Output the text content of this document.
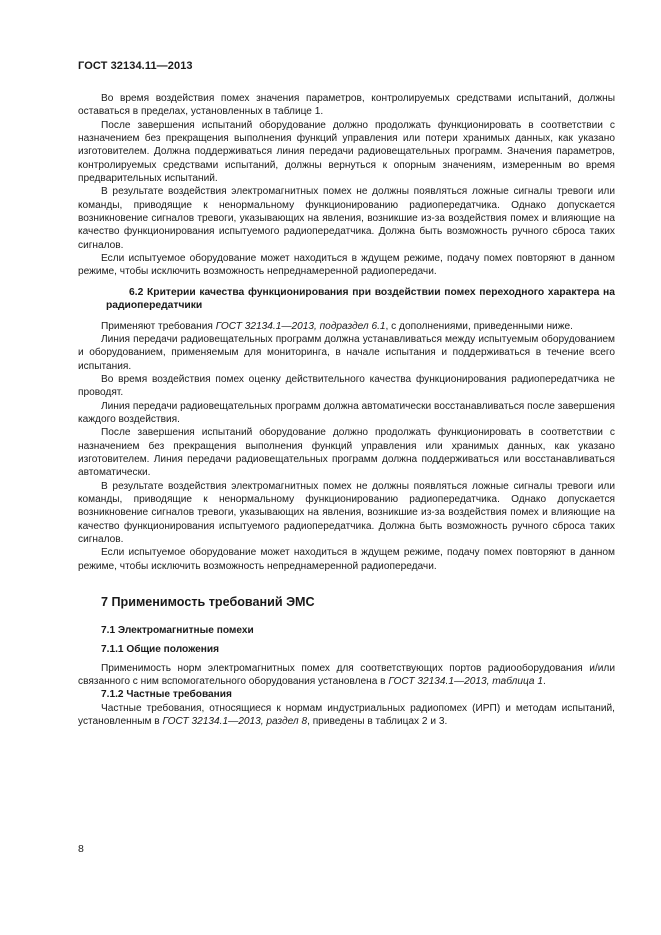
ГОСТ 32134.11—2013

Во время воздействия помех значения параметров, контролируемых средствами испытаний, должны оставаться в пределах, установленных в таблице 1.

После завершения испытаний оборудование должно продолжать функционировать в соответствии с назначением без прекращения выполнения функций управления или потери хранимых данных, как указано изготовителем. Должна поддерживаться линия передачи радиовещательных программ. Значения параметров, контролируемых средствами испытаний, должны вернуться к опорным значениям, измеренным во время предварительных испытаний.

В результате воздействия электромагнитных помех не должны появляться ложные сигналы тревоги или команды, приводящие к ненормальному функционированию радиопередатчика. Однако допускается возникновение сигналов тревоги, указывающих на явления, возникшие из-за воздействия помех и влияющие на качество функционирования испытуемого радиопередатчика. Должна быть возможность ручного сброса таких сигналов.

Если испытуемое оборудование может находиться в ждущем режиме, подачу помех повторяют в данном режиме, чтобы исключить возможность непреднамеренной радиопередачи.

6.2 Критерии качества функционирования при воздействии помех переходного характера на радиопередатчики

Применяют требования ГОСТ 32134.1—2013, подраздел 6.1, с дополнениями, приведенными ниже.

Линия передачи радиовещательных программ должна устанавливаться между испытуемым оборудованием и оборудованием, применяемым для мониторинга, в начале испытания и поддерживаться в течение всего испытания.

Во время воздействия помех оценку действительного качества функционирования радиопередатчика не проводят.

Линия передачи радиовещательных программ должна автоматически восстанавливаться после завершения каждого воздействия.

После завершения испытаний оборудование должно продолжать функционировать в соответствии с назначением без прекращения выполнения функций управления или хранимых данных, как указано изготовителем. Линия передачи радиовещательных программ должна поддерживаться или восстанавливаться автоматически.

В результате воздействия электромагнитных помех не должны появляться ложные сигналы тревоги или команды, приводящие к ненормальному функционированию радиопередатчика. Однако допускается возникновение сигналов тревоги, указывающих на явления, возникшие из-за воздействия помех и влияющие на качество функционирования испытуемого радиопередатчика. Должна быть возможность ручного сброса таких сигналов.

Если испытуемое оборудование может находиться в ждущем режиме, подачу помех повторяют в данном режиме, чтобы исключить возможность непреднамеренной радиопередачи.

7 Применимость требований ЭМС
7.1 Электромагнитные помехи
7.1.1 Общие положения

Применимость норм электромагнитных помех для соответствующих портов радиооборудования и/или связанного с ним вспомогательного оборудования установлена в ГОСТ 32134.1—2013, таблица 1.

7.1.2 Частные требования

Частные требования, относящиеся к нормам индустриальных радиопомех (ИРП) и методам испытаний, установленным в ГОСТ 32134.1—2013, раздел 8, приведены в таблицах 2 и 3.

8
